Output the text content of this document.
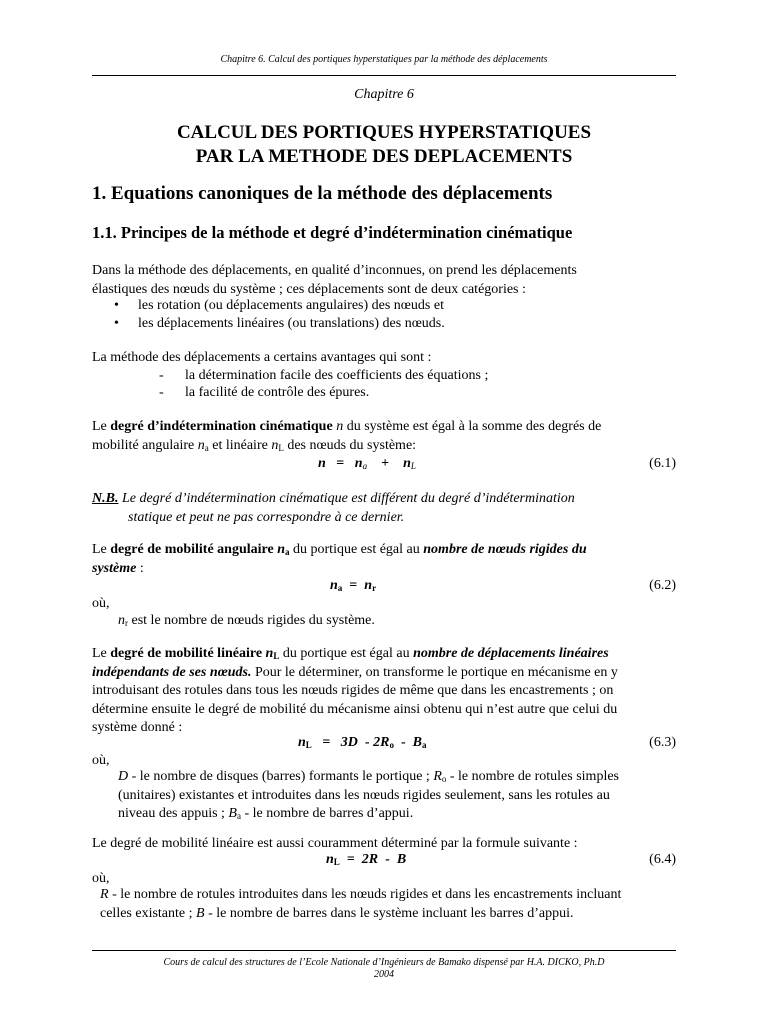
Chapitre 6. Calcul des portiques hyperstatiques par la méthode des déplacements
Chapitre 6
CALCUL DES PORTIQUES HYPERSTATIQUES
PAR LA METHODE DES DEPLACEMENTS
1. Equations canoniques de la méthode des déplacements
1.1. Principes de la méthode et degré d’indétermination cinématique
Dans la méthode des déplacements, en qualité d’inconnues, on prend les déplacements
élastiques des nœuds du système ; ces déplacements sont de deux catégories :
• les rotation (ou déplacements angulaires) des nœuds et
• les déplacements linéaires (ou translations) des nœuds.
La méthode des déplacements a certains avantages qui sont :
- la détermination facile des coefficients des équations ;
- la facilité de contrôle des épures.
Le degré d’indétermination cinématique n du système est égal à la somme des degrés de
mobilité angulaire $n_a$ et linéaire $n_L$ des nœuds du système:
$n = n_a + n_L$	(6.1)
N.B. Le degré d’indétermination cinématique est différent du degré d’indétermination
statique et peut ne pas correspondre à ce dernier.
Le degré de mobilité angulaire $n_a$ du portique est égal au nombre de nœuds rigides du
système :
$n_a = n_r$	(6.2)
où,
$n_r$ est le nombre de nœuds rigides du système.
Le degré de mobilité linéaire $n_L$ du portique est égal au nombre de déplacements linéaires
indépendants de ses nœuds. Pour le déterminer, on transforme le portique en mécanisme en y
introduisant des rotules dans tous les nœuds rigides de même que dans les encastrements ; on
détermine ensuite le degré de mobilité du mécanisme ainsi obtenu qui n’est autre que celui du
système donné :
$n_L = 3D - 2R_o - B_a$	(6.3)
où,
D - le nombre de disques (barres) formants le portique ; $R_o$ - le nombre de rotules simples
(unitaires) existantes et introduites dans les nœuds rigides seulement, sans les rotules au
niveau des appuis ; $B_a$ - le nombre de barres d’appui.
Le degré de mobilité linéaire est aussi couramment déterminé par la formule suivante :
$n_L = 2R - B$	(6.4)
où,
R - le nombre de rotules introduites dans les nœuds rigides et dans les encastrements incluant
celles existante ; B - le nombre de barres dans le système incluant les barres d’appui.
Cours de calcul des structures de l’Ecole Nationale d’Ingénieurs de Bamako dispensé par H.A. DICKO, Ph.D
2004
